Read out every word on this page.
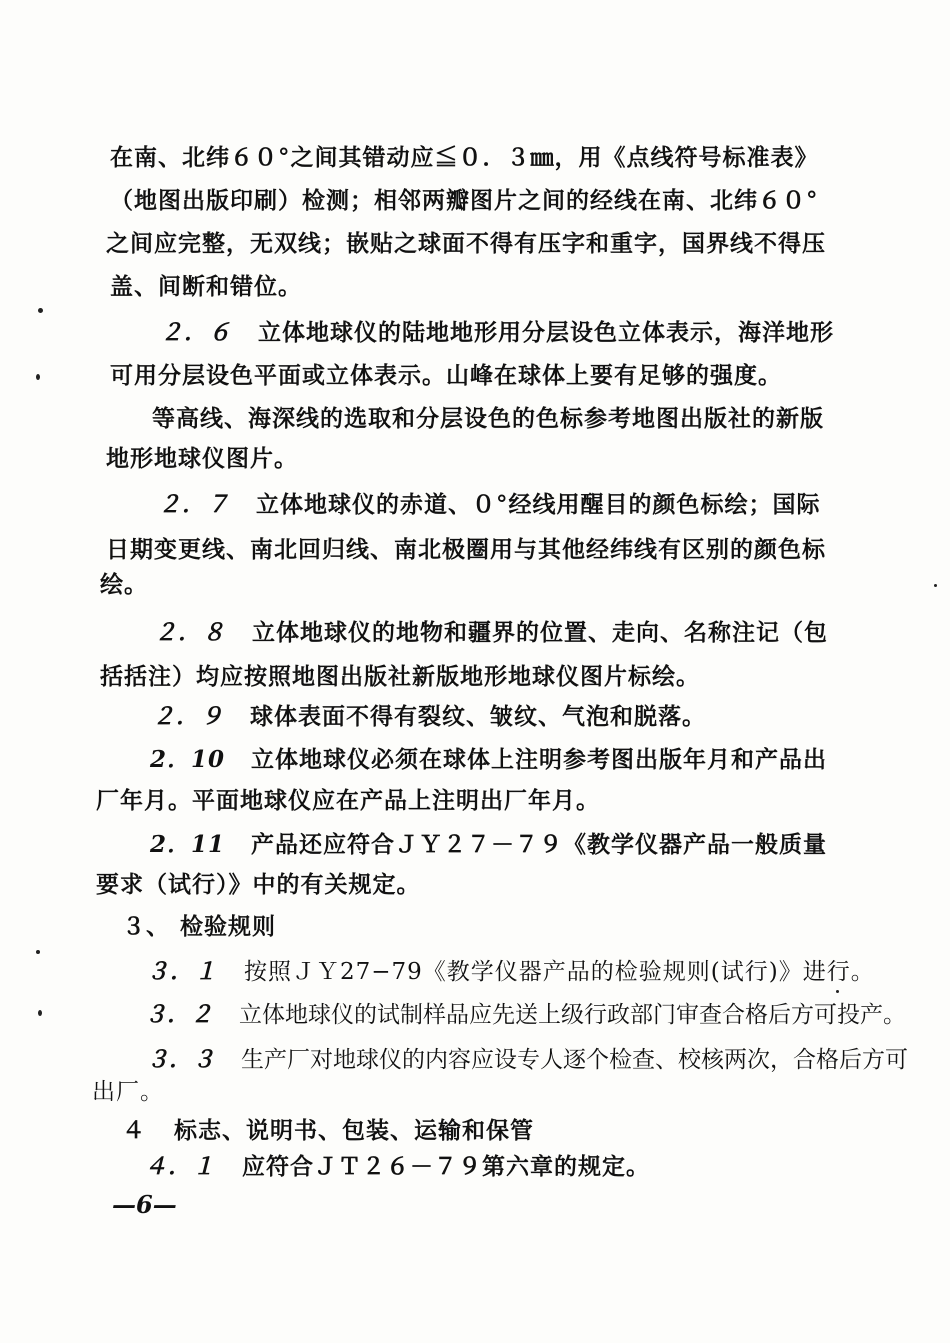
在南、北纬６０°之间其错动应≦０．３㎜，用《点线符号标准表》
（地图出版印刷）检测；相邻两瓣图片之间的经线在南、北纬６０°
之间应完整，无双线；嵌贴之球面不得有压字和重字，国界线不得压
盖、间断和错位。
２．６ 立体地球仪的陆地地形用分层设色立体表示，海洋地形
可用分层设色平面或立体表示。山峰在球体上要有足够的强度。
等高线、海深线的选取和分层设色的色标参考地图出版社的新版
地形地球仪图片。
２．７ 立体地球仪的赤道、０°经线用醒目的颜色标绘；国际
日期变更线、南北回归线、南北极圈用与其他经纬线有区别的颜色标
绘。
２．８ 立体地球仪的地物和疆界的位置、走向、名称注记（包
括括注）均应按照地图出版社新版地形地球仪图片标绘。
２．９ 球体表面不得有裂纹、皱纹、气泡和脱落。
2．10 立体地球仪必须在球体上注明参考图出版年月和产品出
厂年月。平面地球仪应在产品上注明出厂年月。
2．11 产品还应符合ＪＹ２７－７９《教学仪器产品一般质量
要求（试行）》中的有关规定。
３、 检验规则
３．１ 按照ＪＹ27−79《教学仪器产品的检验规则(试行)》进行。
３．２ 立体地球仪的试制样品应先送上级行政部门审查合格后方可投产。
３．３ 生产厂对地球仪的内容应设专人逐个检查、校核两次，合格后方可
出厂。
４ 标志、说明书、包装、运输和保管
４．１ 应符合ＪＴ２６－７９第六章的规定。
—6—
